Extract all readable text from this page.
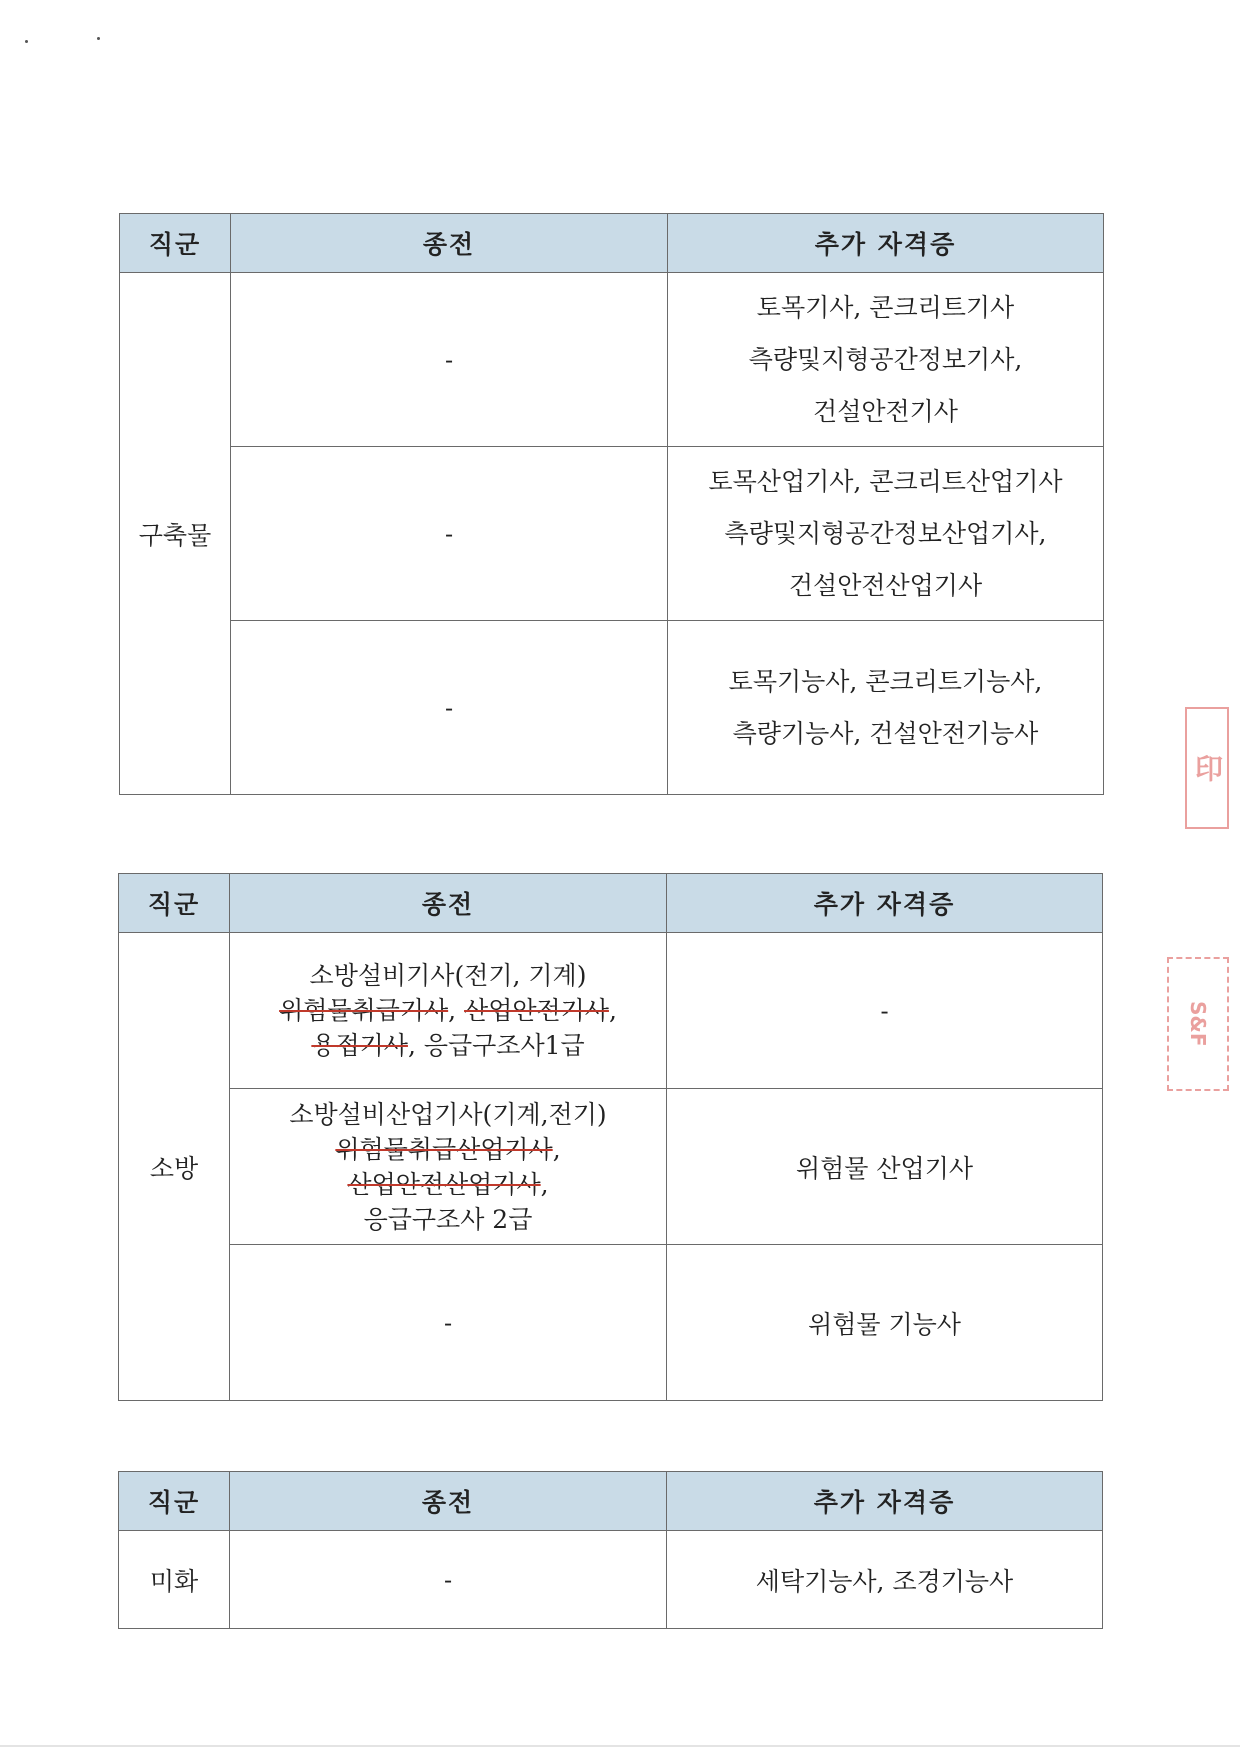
직군	종전	추가 자격증
구축물	-	토목기사, 콘크리트기사
측량및지형공간정보기사,
건설안전기사

	-	토목산업기사, 콘크리트산업기사
측량및지형공간정보산업기사,
건설안전산업기사

	-	토목기능사, 콘크리트기능사,
측량기능사, 건설안전기능사
직군	종전	추가 자격증
소방	소방설비기사(전기, 기계)
위험물취급기사, 산업안전기사,
용접기사, 응급구조사1급	-

	소방설비산업기사(기계,전기)
위험물취급산업기사,
산업안전산업기사,
응급구조사 2급	위험물 산업기사
	-	위험물 기능사
직군	종전	추가 자격증
미화	-	세탁기능사, 조경기능사
印
S&F
